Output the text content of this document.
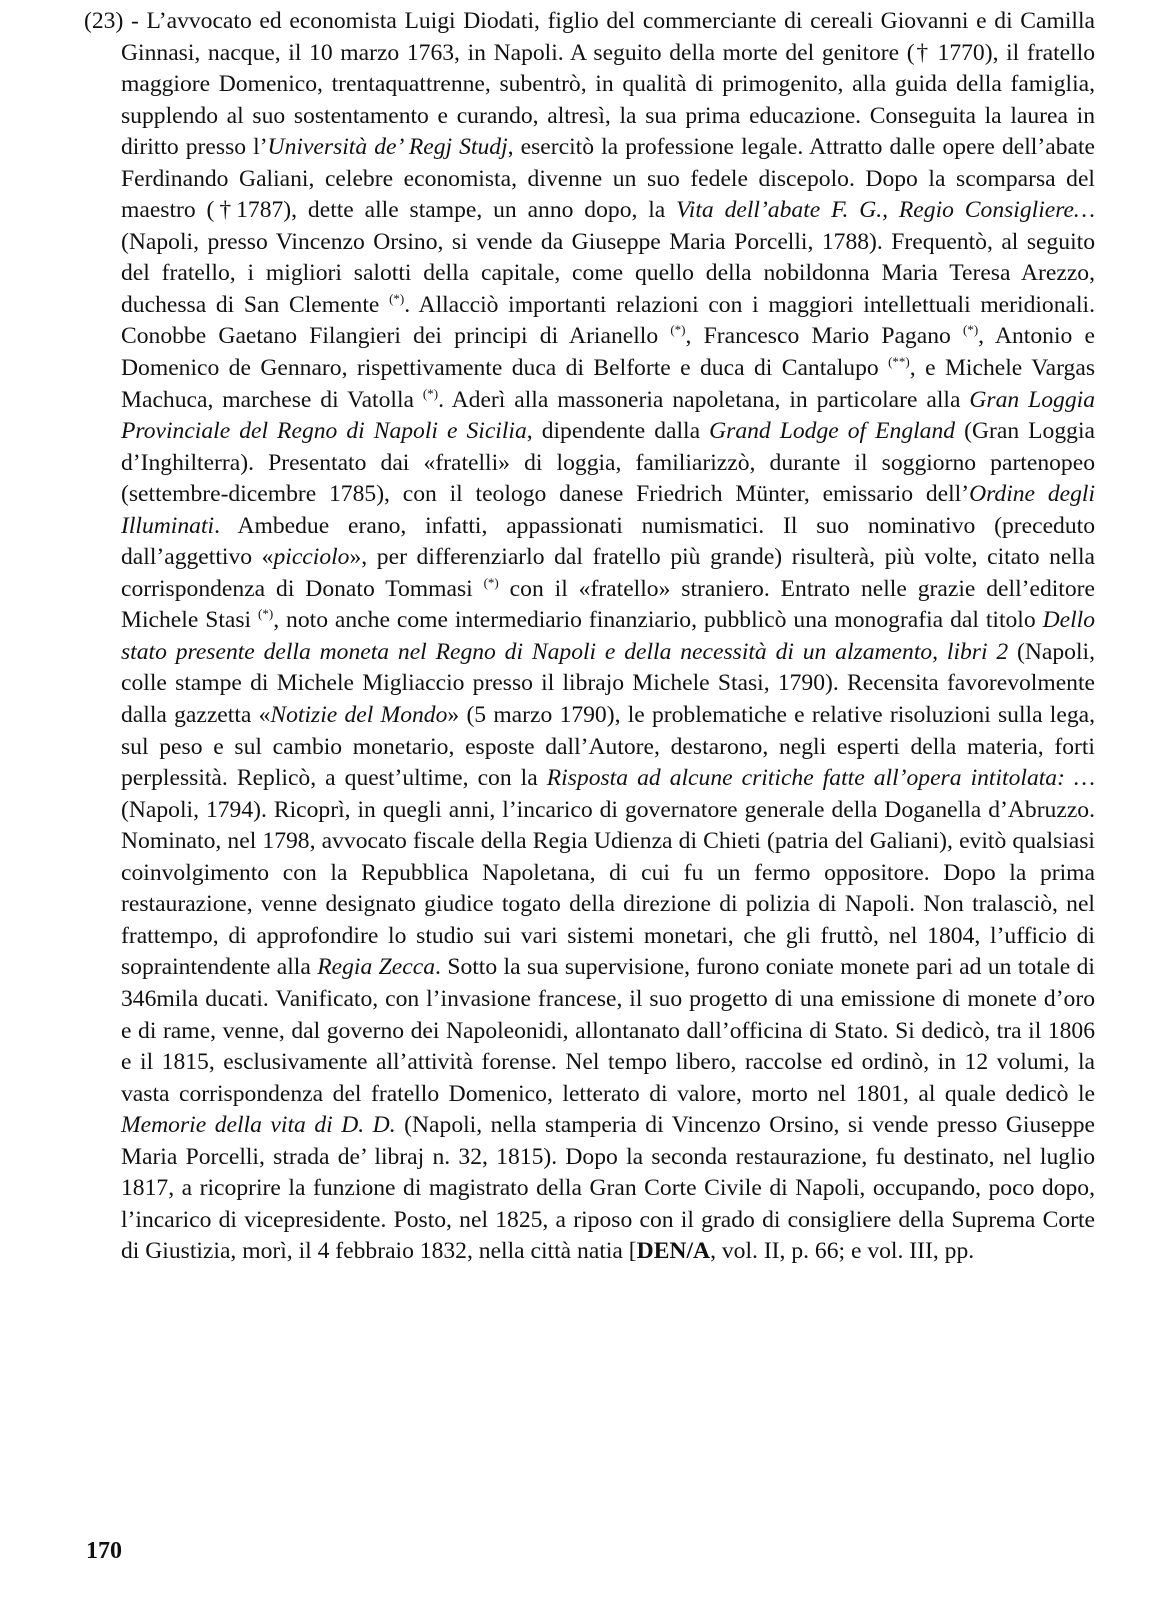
(23) - L’avvocato ed economista Luigi Diodati, figlio del commerciante di cereali Giovanni e di Camilla Ginnasi, nacque, il 10 marzo 1763, in Napoli. A seguito della morte del genitore († 1770), il fratello maggiore Domenico, trentaquattrenne, subentrò, in qualità di primogenito, alla guida della famiglia, supplendo al suo sostentamento e curando, altresì, la sua prima educazione. Conseguita la laurea in diritto presso l’Università de’ Regj Studj, esercitò la professione legale. Attratto dalle opere dell’abate Ferdinando Galiani, celebre economista, divenne un suo fedele discepolo. Dopo la scomparsa del maestro (†1787), dette alle stampe, un anno dopo, la Vita dell’abate F. G., Regio Consigliere… (Napoli, presso Vincenzo Orsino, si vende da Giuseppe Maria Porcelli, 1788). Frequentò, al seguito del fratello, i migliori salotti della capitale, come quello della nobildonna Maria Teresa Arezzo, duchessa di San Clemente (*). Allacciò importanti relazioni con i maggiori intellettuali meridionali. Conobbe Gaetano Filangieri dei principi di Arianello (*), Francesco Mario Pagano (*), Antonio e Domenico de Gennaro, rispettivamente duca di Belforte e duca di Cantalupo (**), e Michele Vargas Machuca, marchese di Vatolla (*). Aderì alla massoneria napoletana, in particolare alla Gran Loggia Provinciale del Regno di Napoli e Sicilia, dipendente dalla Grand Lodge of England (Gran Loggia d’Inghilterra). Presentato dai «fratelli» di loggia, familiarizzò, durante il soggiorno partenopeo (settembre-dicembre 1785), con il teologo danese Friedrich Münter, emissario dell’Ordine degli Illuminati. Ambedue erano, infatti, appassionati numismatici. Il suo nominativo (preceduto dall’aggettivo «picciolo», per differenziarlo dal fratello più grande) risulterà, più volte, citato nella corrispondenza di Donato Tommasi (*) con il «fratello» straniero. Entrato nelle grazie dell’editore Michele Stasi (*), noto anche come intermediario finanziario, pubblicò una monografia dal titolo Dello stato presente della moneta nel Regno di Napoli e della necessità di un alzamento, libri 2 (Napoli, colle stampe di Michele Migliaccio presso il librajo Michele Stasi, 1790). Recensita favorevolmente dalla gazzetta «Notizie del Mondo» (5 marzo 1790), le problematiche e relative risoluzioni sulla lega, sul peso e sul cambio monetario, esposte dall’Autore, destarono, negli esperti della materia, forti perplessità. Replicò, a quest’ultime, con la Risposta ad alcune critiche fatte all’opera intitolata: … (Napoli, 1794). Ricoprì, in quegli anni, l’incarico di governatore generale della Doganella d’Abruzzo. Nominato, nel 1798, avvocato fiscale della Regia Udienza di Chieti (patria del Galiani), evitò qualsiasi coinvolgimento con la Repubblica Napoletana, di cui fu un fermo oppositore. Dopo la prima restaurazione, venne designato giudice togato della direzione di polizia di Napoli. Non tralasciò, nel frattempo, di approfondire lo studio sui vari sistemi monetari, che gli fruttò, nel 1804, l’ufficio di sopraintendente alla Regia Zecca. Sotto la sua supervisione, furono coniate monete pari ad un totale di 346mila ducati. Vanificato, con l’invasione francese, il suo progetto di una emissione di monete d’oro e di rame, venne, dal governo dei Napoleonidi, allontanato dall’officina di Stato. Si dedicò, tra il 1806 e il 1815, esclusivamente all’attività forense. Nel tempo libero, raccolse ed ordinò, in 12 volumi, la vasta corrispondenza del fratello Domenico, letterato di valore, morto nel 1801, al quale dedicò le Memorie della vita di D. D. (Napoli, nella stamperia di Vincenzo Orsino, si vende presso Giuseppe Maria Porcelli, strada de’ libraj n. 32, 1815). Dopo la seconda restaurazione, fu destinato, nel luglio 1817, a ricoprire la funzione di magistrato della Gran Corte Civile di Napoli, occupando, poco dopo, l’incarico di vicepresidente. Posto, nel 1825, a riposo con il grado di consigliere della Suprema Corte di Giustizia, morì, il 4 febbraio 1832, nella città natia [DEN/A, vol. II, p. 66; e vol. III, pp.

170
